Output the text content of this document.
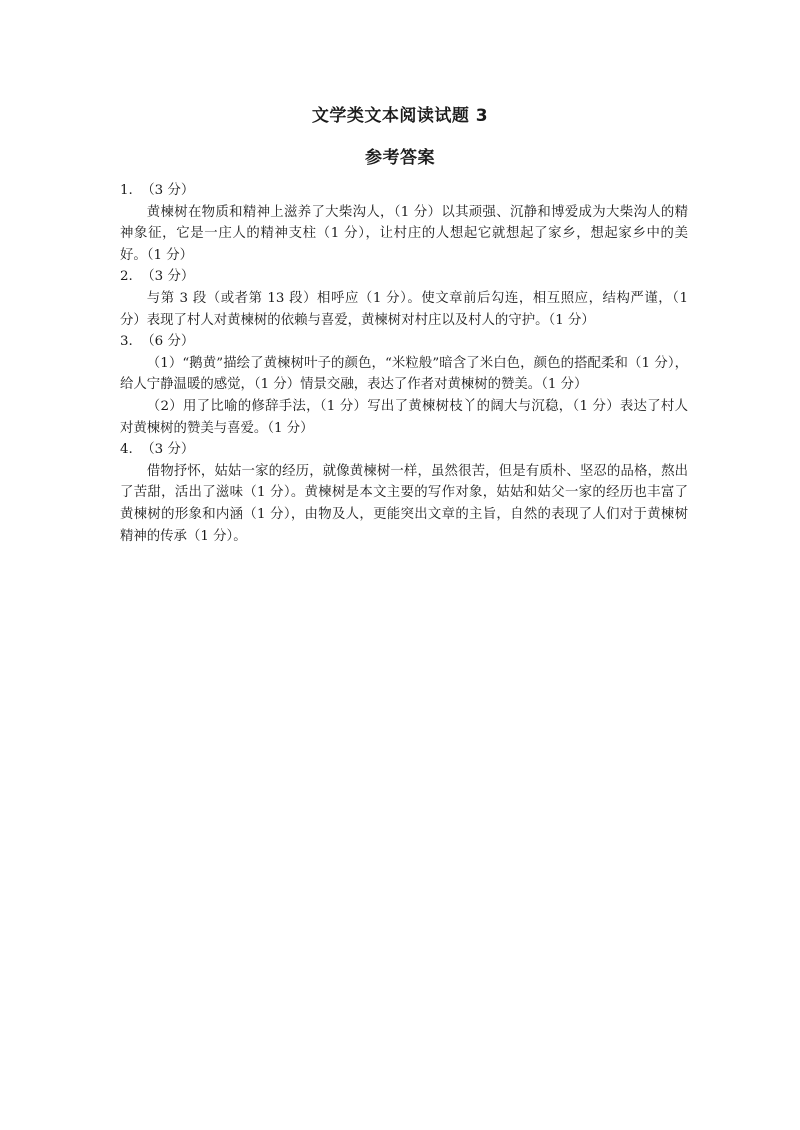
文学类文本阅读试题 3
参考答案
1.  （3 分）

黄楝树在物质和精神上滋养了大柴沟人，（1 分）以其顽强、沉静和博爱成为大柴沟人的精神象征，它是一庄人的精神支柱（1 分），让村庄的人想起它就想起了家乡，想起家乡中的美好。（1 分）

2.  （3 分）

与第 3 段（或者第 13 段）相呼应（1 分）。使文章前后勾连，相互照应，结构严谨，（1 分）表现了村人对黄楝树的依赖与喜爱，黄楝树对村庄以及村人的守护。（1 分）

3.  （6 分）

（1）“鹅黄”描绘了黄楝树叶子的颜色，“米粒般”暗含了米白色，颜色的搭配柔和（1 分），给人宁静温暖的感觉，（1 分）情景交融，表达了作者对黄楝树的赞美。（1 分）

（2）用了比喻的修辞手法，（1 分）写出了黄楝树枝丫的阔大与沉稳，（1 分）表达了村人对黄楝树的赞美与喜爱。（1 分）

4.  （3 分）

借物抒怀，姑姑一家的经历，就像黄楝树一样，虽然很苦，但是有质朴、坚忍的品格，熬出了苦甜，活出了滋味（1 分）。黄楝树是本文主要的写作对象，姑姑和姑父一家的经历也丰富了黄楝树的形象和内涵（1 分），由物及人，更能突出文章的主旨，自然的表现了人们对于黄楝树精神的传承（1 分）。
